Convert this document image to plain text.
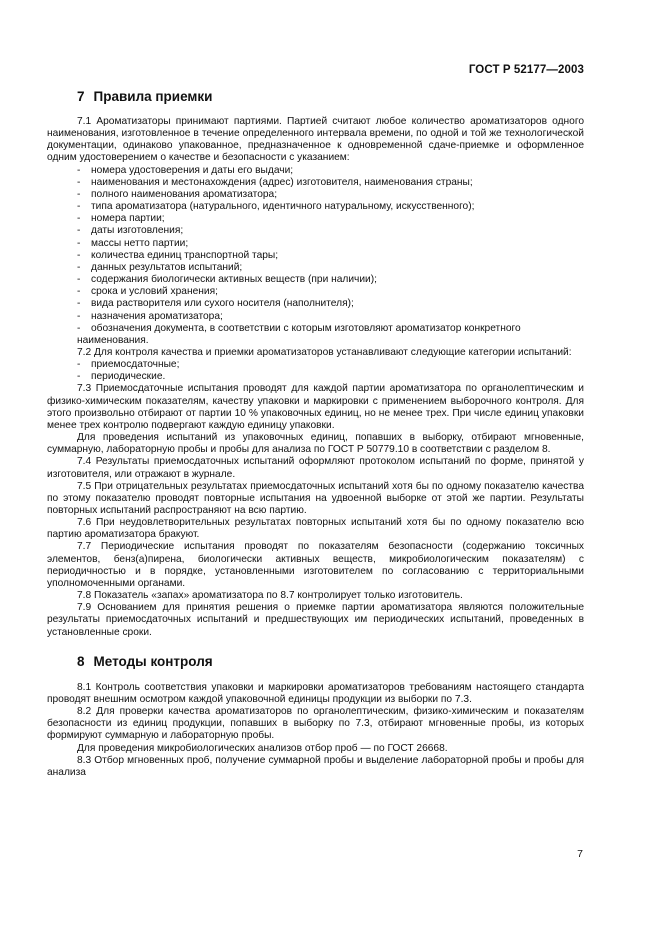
ГОСТ Р 52177—2003
7 Правила приемки

7.1 Ароматизаторы принимают партиями. Партией считают любое количество ароматизаторов одного наименования, изготовленное в течение определенного интервала времени, по одной и той же технологической документации, одинаково упакованное, предназначенное к одновременной сдаче-приемке и оформленное одним удостоверением о качестве и безопасности с указанием:

- номера удостоверения и даты его выдачи;
- наименования и местонахождения (адрес) изготовителя, наименования страны;
- полного наименования ароматизатора;
- типа ароматизатора (натурального, идентичного натуральному, искусственного);
- номера партии;
- даты изготовления;
- массы нетто партии;
- количества единиц транспортной тары;
- данных результатов испытаний;
- содержания биологически активных веществ (при наличии);
- срока и условий хранения;
- вида растворителя или сухого носителя (наполнителя);
- назначения ароматизатора;
- обозначения документа, в соответствии с которым изготовляют ароматизатор конкретного наименования.

7.2 Для контроля качества и приемки ароматизаторов устанавливают следующие категории испытаний:

- приемосдаточные;
- периодические.

7.3 Приемосдаточные испытания проводят для каждой партии ароматизатора по органолептическим и физико-химическим показателям, качеству упаковки и маркировки с применением выборочного контроля. Для этого произвольно отбирают от партии 10 % упаковочных единиц, но не менее трех. При числе единиц упаковки менее трех контролю подвергают каждую единицу упаковки.

Для проведения испытаний из упаковочных единиц, попавших в выборку, отбирают мгновенные, суммарную, лабораторную пробы и пробы для анализа по ГОСТ Р 50779.10 в соответствии с разделом 8.

7.4 Результаты приемосдаточных испытаний оформляют протоколом испытаний по форме, принятой у изготовителя, или отражают в журнале.

7.5 При отрицательных результатах приемосдаточных испытаний хотя бы по одному показателю качества по этому показателю проводят повторные испытания на удвоенной выборке от этой же партии. Результаты повторных испытаний распространяют на всю партию.

7.6 При неудовлетворительных результатах повторных испытаний хотя бы по одному показателю всю партию ароматизатора бракуют.

7.7 Периодические испытания проводят по показателям безопасности (содержанию токсичных элементов, бенз(а)пирена, биологически активных веществ, микробиологическим показателям) с периодичностью и в порядке, установленными изготовителем по согласованию с территориальными уполномоченными органами.

7.8 Показатель «запах» ароматизатора по 8.7 контролирует только изготовитель.

7.9 Основанием для принятия решения о приемке партии ароматизатора являются положительные результаты приемосдаточных испытаний и предшествующих им периодических испытаний, проведенных в установленные сроки.

8 Методы контроля

8.1 Контроль соответствия упаковки и маркировки ароматизаторов требованиям настоящего стандарта проводят внешним осмотром каждой упаковочной единицы продукции из выборки по 7.3.

8.2 Для проверки качества ароматизаторов по органолептическим, физико-химическим и показателям безопасности из единиц продукции, попавших в выборку по 7.3, отбирают мгновенные пробы, из которых формируют суммарную и лабораторную пробы.

Для проведения микробиологических анализов отбор проб — по ГОСТ 26668.

8.3 Отбор мгновенных проб, получение суммарной пробы и выделение лабораторной пробы и пробы для анализа

7
